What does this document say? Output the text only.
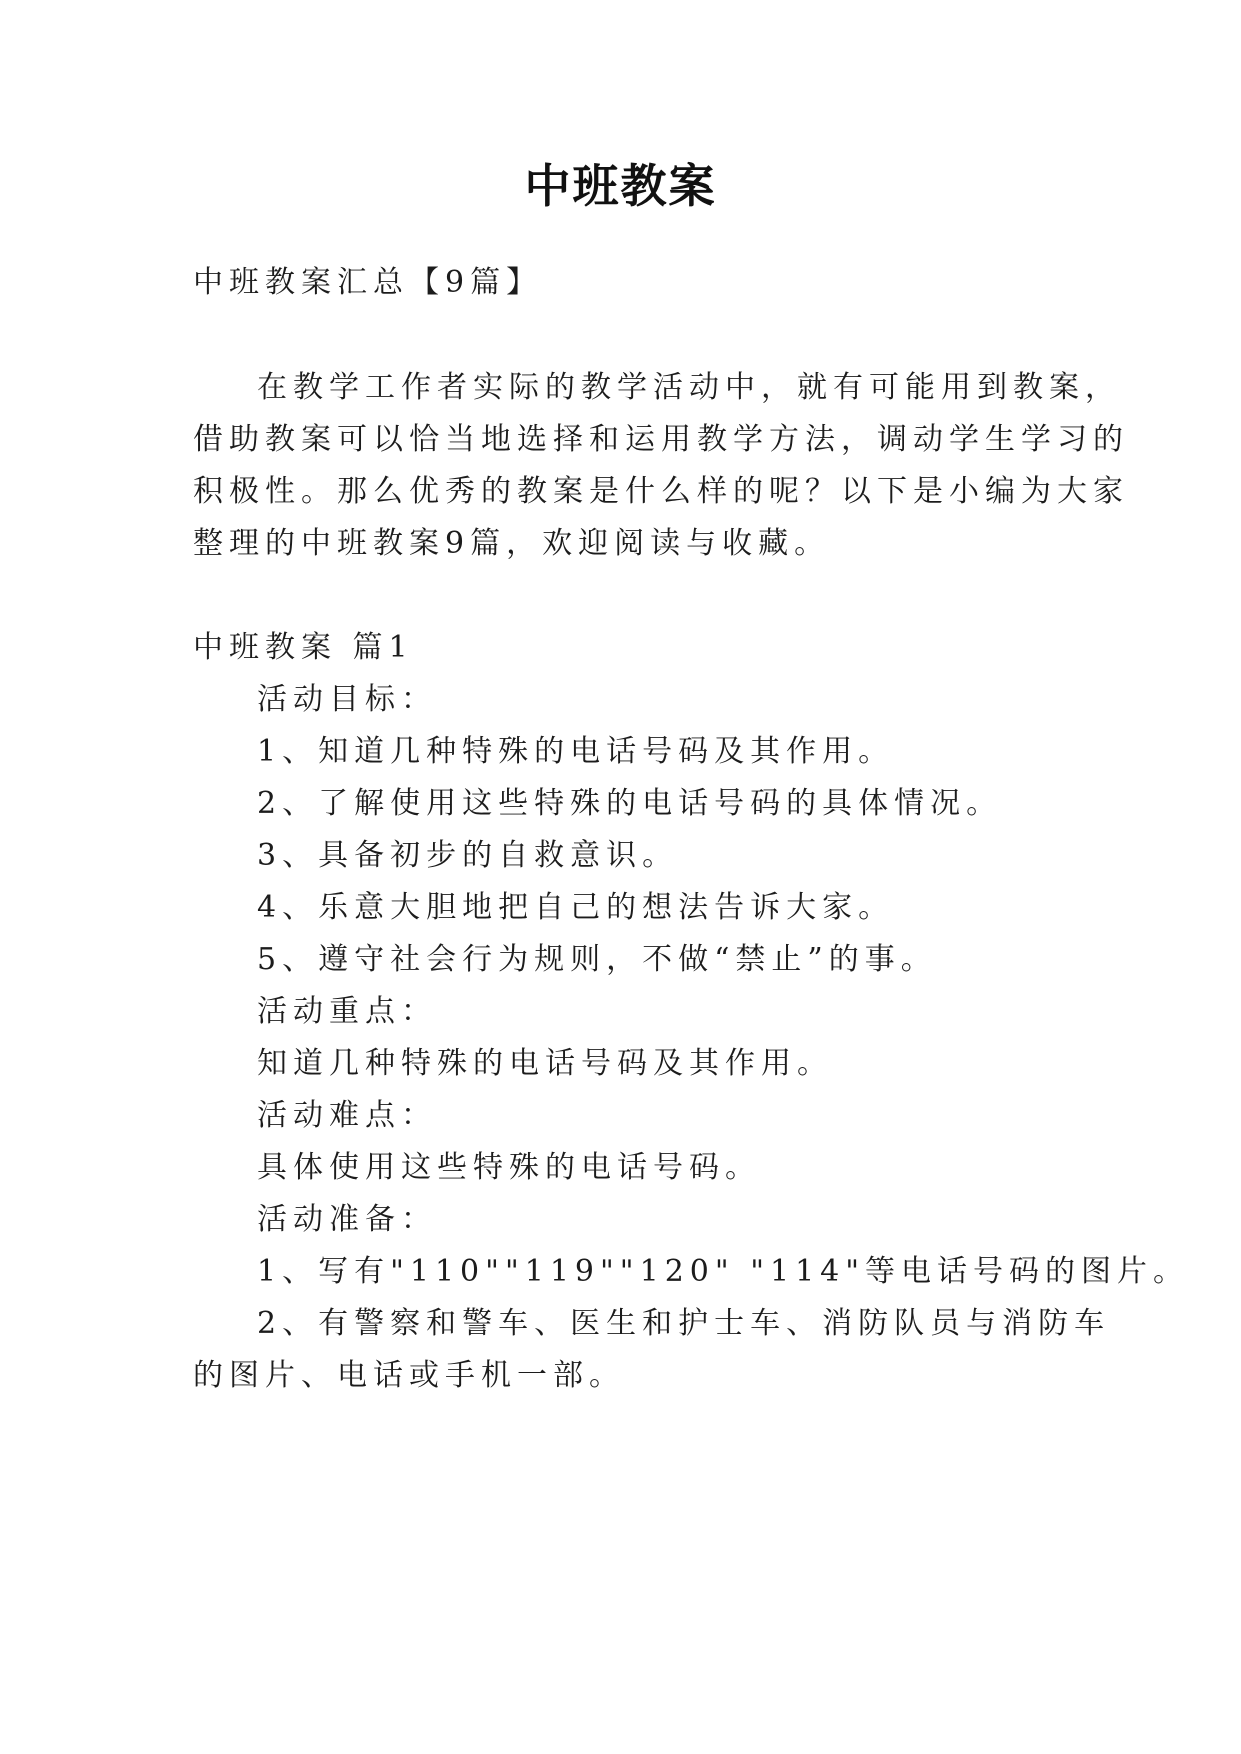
中班教案
中班教案汇总【9篇】
在教学工作者实际的教学活动中，就有可能用到教案，
借助教案可以恰当地选择和运用教学方法，调动学生学习的
积极性。那么优秀的教案是什么样的呢？以下是小编为大家
整理的中班教案9篇，欢迎阅读与收藏。
中班教案 篇1
活动目标：
1、知道几种特殊的电话号码及其作用。
2、了解使用这些特殊的电话号码的具体情况。
3、具备初步的自救意识。
4、乐意大胆地把自己的想法告诉大家。
5、遵守社会行为规则，不做“禁止”的事。
活动重点：
知道几种特殊的电话号码及其作用。
活动难点：
具体使用这些特殊的电话号码。
活动准备：
1、写有"110""119""120" "114"等电话号码的图片。
2、有警察和警车、医生和护士车、消防队员与消防车
的图片、电话或手机一部。
